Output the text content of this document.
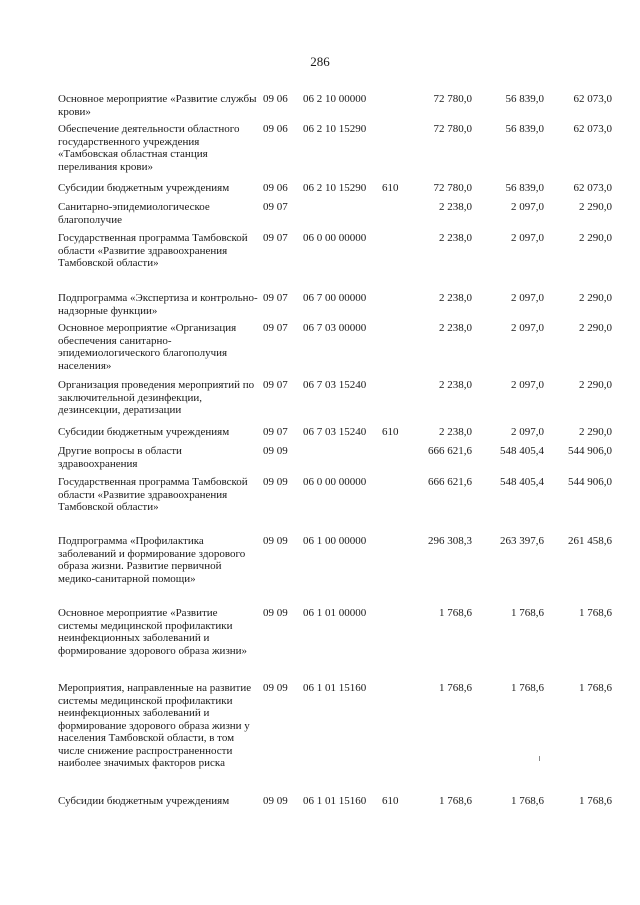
286
Основное мероприятие «Развитие службы крови»
09 06	06 2 10 00000	72 780,0	56 839,0	62 073,0
Обеспечение деятельности областного государственного учреждения «Тамбовская областная станция переливания крови»
09 06	06 2 10 15290	72 780,0	56 839,0	62 073,0
Субсидии бюджетным учреждениям	09 06	06 2 10 15290	610	72 780,0	56 839,0	62 073,0
Санитарно-эпидемиологическое благополучие
09 07	2 238,0	2 097,0	2 290,0
Государственная программа Тамбовской области «Развитие здравоохранения Тамбовской области»
09 07	06 0 00 00000	2 238,0	2 097,0	2 290,0
Подпрограмма «Экспертиза и контрольно-надзорные функции»
09 07	06 7 00 00000	2 238,0	2 097,0	2 290,0
Основное мероприятие «Организация обеспечения санитарно-эпидемиологического благополучия населения»
09 07	06 7 03 00000	2 238,0	2 097,0	2 290,0
Организация проведения мероприятий по заключительной дезинфекции, дезинсекции, дератизации
09 07	06 7 03 15240	2 238,0	2 097,0	2 290,0
Субсидии бюджетным учреждениям	09 07	06 7 03 15240	610	2 238,0	2 097,0	2 290,0
Другие вопросы в области здравоохранения
09 09	666 621,6	548 405,4	544 906,0
Государственная программа Тамбовской области «Развитие здравоохранения Тамбовской области»
09 09	06 0 00 00000	666 621,6	548 405,4	544 906,0
Подпрограмма «Профилактика заболеваний и формирование здорового образа жизни. Развитие первичной медико-санитарной помощи»
09 09	06 1 00 00000	296 308,3	263 397,6	261 458,6
Основное мероприятие «Развитие системы медицинской профилактики неинфекционных заболеваний и формирование здорового образа жизни»
09 09	06 1 01 00000	1 768,6	1 768,6	1 768,6
Мероприятия, направленные на развитие системы медицинской профилактики неинфекционных заболеваний и формирование здорового образа жизни у населения Тамбовской области, в том числе снижение распространенности наиболее значимых факторов риска
09 09	06 1 01 15160	1 768,6	1 768,6	1 768,6
Субсидии бюджетным учреждениям	09 09	06 1 01 15160	610	1 768,6	1 768,6	1 768,6
